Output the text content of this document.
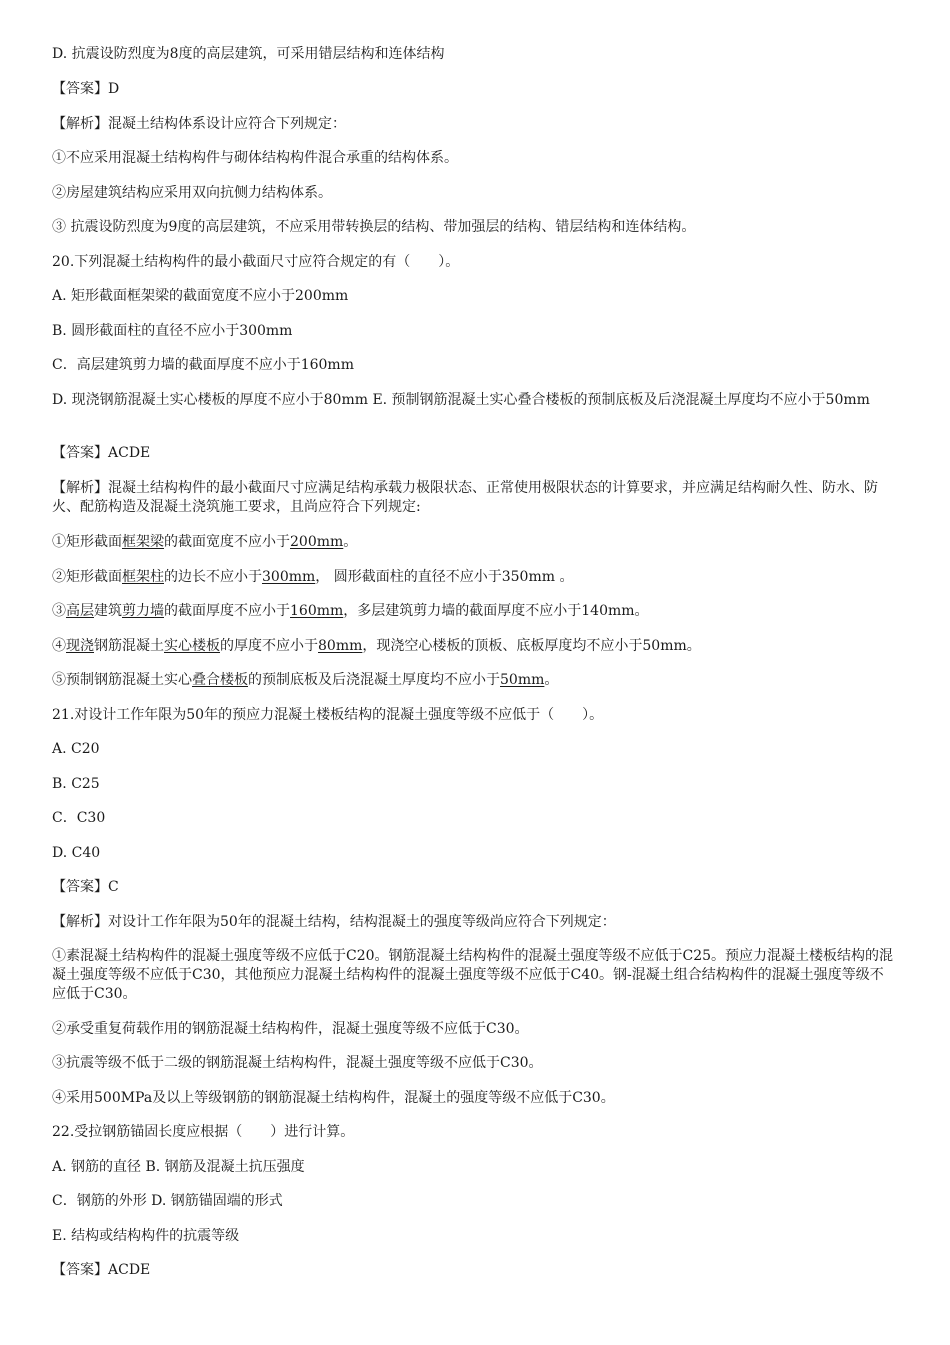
D. 抗震设防烈度为8度的高层建筑，可采用错层结构和连体结构
【答案】D
【解析】混凝土结构体系设计应符合下列规定：
①不应采用混凝土结构构件与砌体结构构件混合承重的结构体系。
②房屋建筑结构应采用双向抗侧力结构体系。
③ 抗震设防烈度为9度的高层建筑，不应采用带转换层的结构、带加强层的结构、错层结构和连体结构。
20.下列混凝土结构构件的最小截面尺寸应符合规定的有（　　）。
A. 矩形截面框架梁的截面宽度不应小于200mm
B. 圆形截面柱的直径不应小于300mm
C．高层建筑剪力墙的截面厚度不应小于160mm
D. 现浇钢筋混凝土实心楼板的厚度不应小于80mm E. 预制钢筋混凝土实心叠合楼板的预制底板及后浇混凝土厚度均不应小于50mm
【答案】ACDE
【解析】混凝土结构构件的最小截面尺寸应满足结构承载力极限状态、正常使用极限状态的计算要求，并应满足结构耐久性、防水、防火、配筋构造及混凝土浇筑施工要求，且尚应符合下列规定:
①矩形截面框架梁的截面宽度不应小于200mm。
②矩形截面框架柱的边长不应小于300mm， 圆形截面柱的直径不应小于350mm 。
③高层建筑剪力墙的截面厚度不应小于160mm，多层建筑剪力墙的截面厚度不应小于140mm。
④现浇钢筋混凝土实心楼板的厚度不应小于80mm，现浇空心楼板的顶板、底板厚度均不应小于50mm。
⑤预制钢筋混凝土实心叠合楼板的预制底板及后浇混凝土厚度均不应小于50mm。
21.对设计工作年限为50年的预应力混凝土楼板结构的混凝土强度等级不应低于（　　）。
A. C20
B. C25
C．C30
D. C40
【答案】C
【解析】对设计工作年限为50年的混凝土结构，结构混凝土的强度等级尚应符合下列规定：
①素混凝土结构构件的混凝土强度等级不应低于C20。钢筋混凝土结构构件的混凝土强度等级不应低于C25。预应力混凝土楼板结构的混凝土强度等级不应低于C30，其他预应力混凝土结构构件的混凝土强度等级不应低于C40。钢-混凝土组合结构构件的混凝土强度等级不应低于C30。
②承受重复荷载作用的钢筋混凝土结构构件，混凝土强度等级不应低于C30。
③抗震等级不低于二级的钢筋混凝土结构构件，混凝土强度等级不应低于C30。
④采用500MPa及以上等级钢筋的钢筋混凝土结构构件，混凝土的强度等级不应低于C30。
22.受拉钢筋锚固长度应根据（　　）进行计算。
A. 钢筋的直径 B. 钢筋及混凝土抗压强度
C．钢筋的外形 D. 钢筋锚固端的形式
E. 结构或结构构件的抗震等级
【答案】ACDE
